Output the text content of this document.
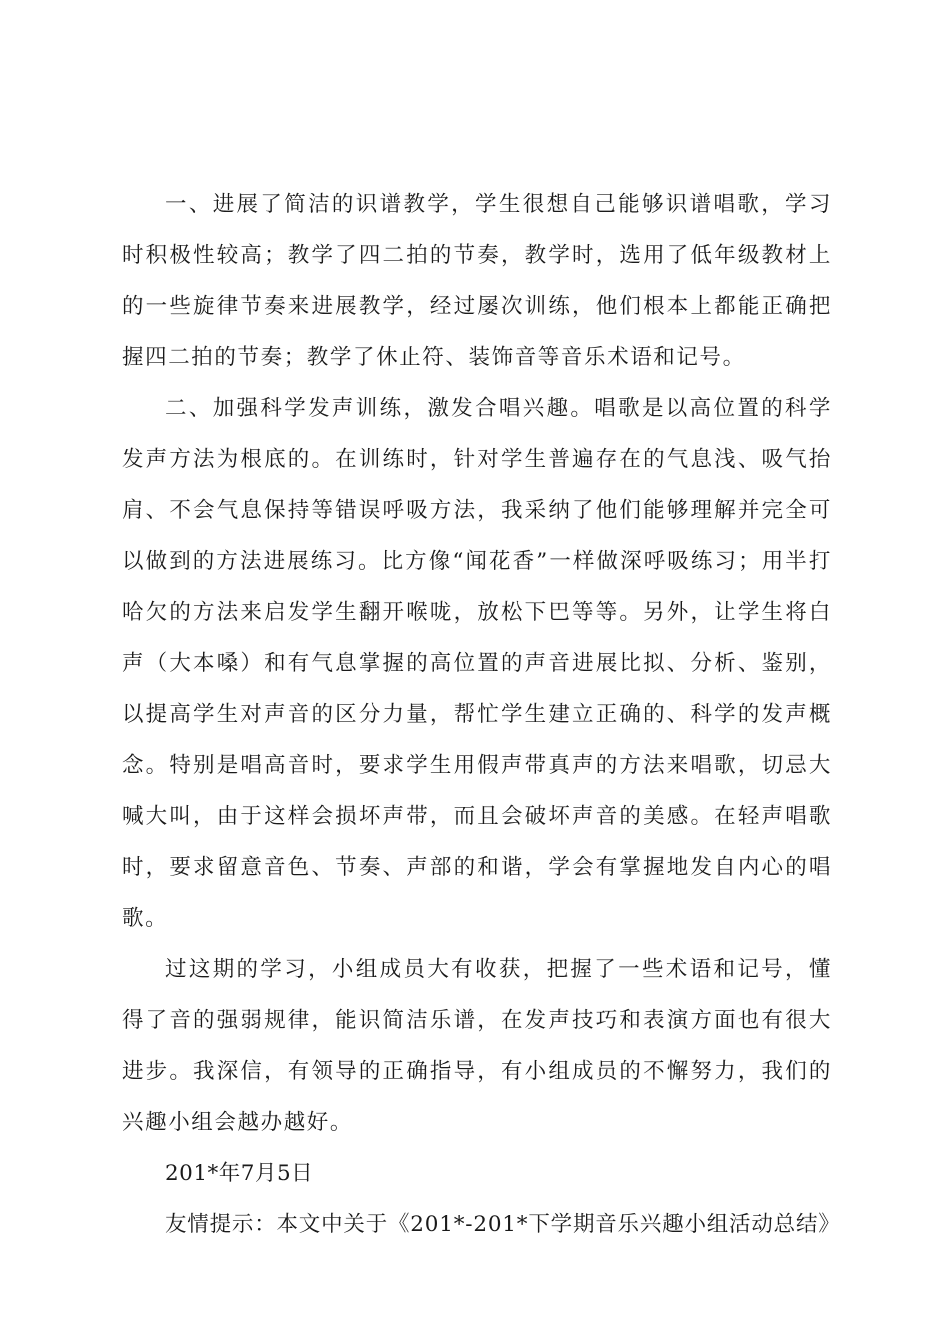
一、进展了简洁的识谱教学，学生很想自己能够识谱唱歌，学习时积极性较高；教学了四二拍的节奏，教学时，选用了低年级教材上的一些旋律节奏来进展教学，经过屡次训练，他们根本上都能正确把握四二拍的节奏；教学了休止符、装饰音等音乐术语和记号。

二、加强科学发声训练，激发合唱兴趣。唱歌是以高位置的科学发声方法为根底的。在训练时，针对学生普遍存在的气息浅、吸气抬肩、不会气息保持等错误呼吸方法，我采纳了他们能够理解并完全可以做到的方法进展练习。比方像“闻花香”一样做深呼吸练习；用半打哈欠的方法来启发学生翻开喉咙，放松下巴等等。另外，让学生将白声（大本嗓）和有气息掌握的高位置的声音进展比拟、分析、鉴别，以提高学生对声音的区分力量，帮忙学生建立正确的、科学的发声概念。特别是唱高音时，要求学生用假声带真声的方法来唱歌，切忌大喊大叫，由于这样会损坏声带，而且会破坏声音的美感。在轻声唱歌时，要求留意音色、节奏、声部的和谐，学会有掌握地发自内心的唱歌。

过这期的学习，小组成员大有收获，把握了一些术语和记号，懂得了音的强弱规律，能识简洁乐谱，在发声技巧和表演方面也有很大进步。我深信，有领导的正确指导，有小组成员的不懈努力，我们的兴趣小组会越办越好。

201*年7月5日

友情提示：本文中关于《201*-201*下学期音乐兴趣小组活动总结》
